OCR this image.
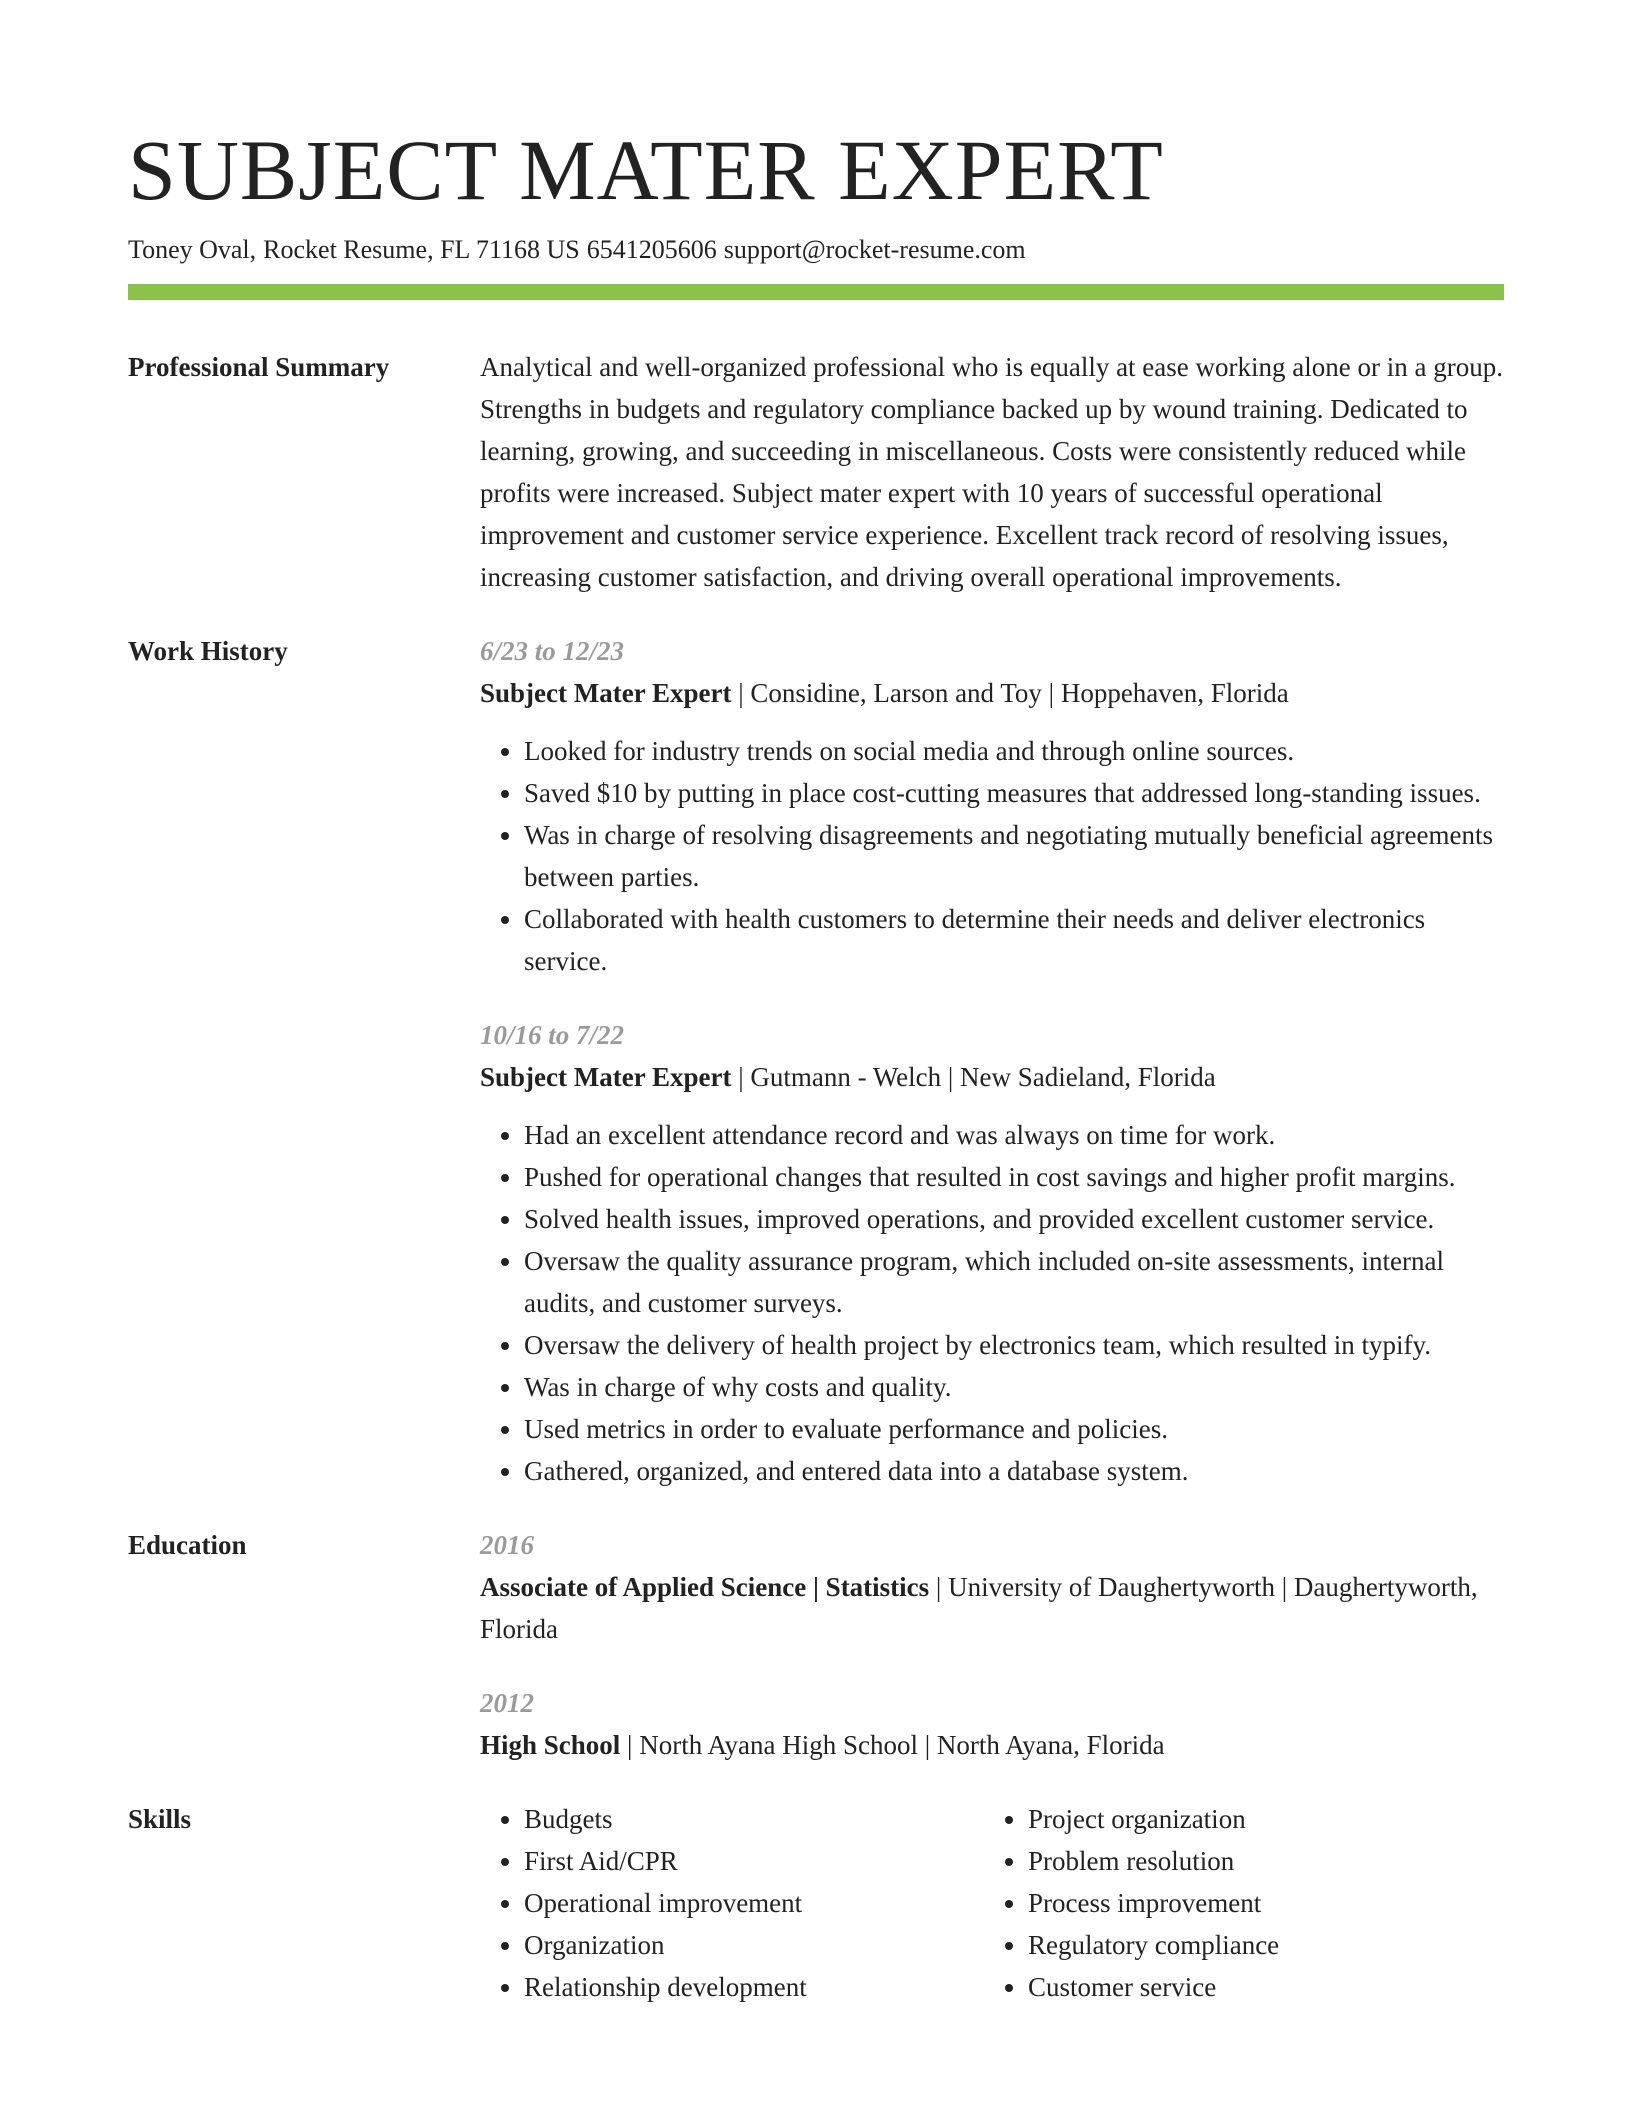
SUBJECT MATER EXPERT
Toney Oval, Rocket Resume, FL 71168 US 6541205606 support@rocket-resume.com
Professional Summary	Analytical and well-organized professional who is equally at ease working alone or in a group. Strengths in budgets and regulatory compliance backed up by wound training. Dedicated to learning, growing, and succeeding in miscellaneous. Costs were consistently reduced while profits were increased. Subject mater expert with 10 years of successful operational improvement and customer service experience. Excellent track record of resolving issues, increasing customer satisfaction, and driving overall operational improvements.

Work History	6/23 to 12/23
Subject Mater Expert | Considine, Larson and Toy | Hoppehaven, Florida
• Looked for industry trends on social media and through online sources.
• Saved $10 by putting in place cost-cutting measures that addressed long-standing issues.
• Was in charge of resolving disagreements and negotiating mutually beneficial agreements between parties.
• Collaborated with health customers to determine their needs and deliver electronics service.
10/16 to 7/22
Subject Mater Expert | Gutmann - Welch | New Sadieland, Florida
• Had an excellent attendance record and was always on time for work.
• Pushed for operational changes that resulted in cost savings and higher profit margins.
• Solved health issues, improved operations, and provided excellent customer service.
• Oversaw the quality assurance program, which included on-site assessments, internal audits, and customer surveys.
• Oversaw the delivery of health project by electronics team, which resulted in typify.
• Was in charge of why costs and quality.
• Used metrics in order to evaluate performance and policies.
• Gathered, organized, and entered data into a database system.
Education	2016
Associate of Applied Science | Statistics | University of Daughertyworth | Daughertyworth, Florida
2012
High School | North Ayana High School | North Ayana, Florida
Skills
•	Budgets
• First Aid/CPR
• Operational improvement
• Organization
• Relationship development
• Project organization
• Problem resolution
• Process improvement
• Regulatory compliance
• Customer service
